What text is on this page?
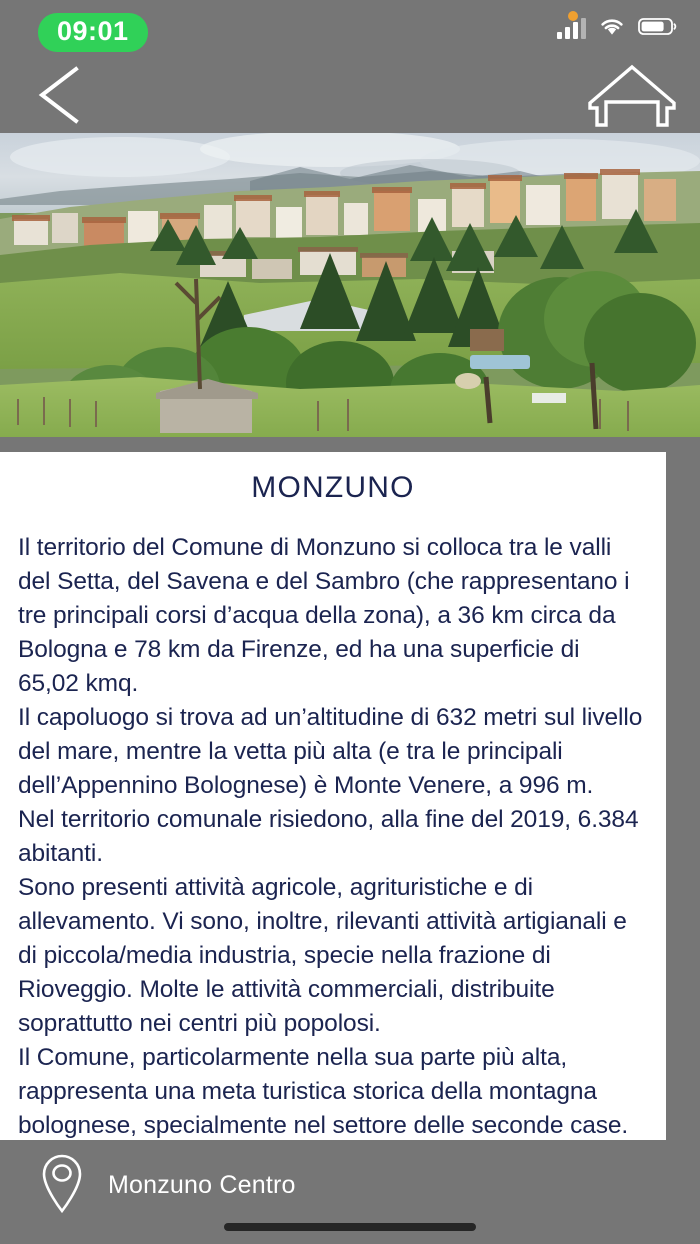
09:01
MONZUNO

Il territorio del Comune di Monzuno si colloca tra le valli del Setta, del Savena e del Sambro (che rappresentano i tre principali corsi d’acqua della zona), a 36 km circa da Bologna e 78 km da Firenze, ed ha una superficie di 65,02 kmq.

Il capoluogo si trova ad un’altitudine di 632 metri sul livello del mare, mentre la vetta più alta (e tra le principali dell’Appennino Bolognese) è Monte Venere, a 996 m.

Nel territorio comunale risiedono, alla fine del 2019, 6.384 abitanti.

Sono presenti attività agricole, agrituristiche e di allevamento. Vi sono, inoltre, rilevanti attività artigianali e di piccola/media industria, specie nella frazione di Rioveggio. Molte le attività commerciali, distribuite soprattutto nei centri più popolosi.

Il Comune, particolarmente nella sua parte più alta, rappresenta una meta turistica storica della montagna bolognese, specialmente nel settore delle seconde case.

Monzuno Centro
